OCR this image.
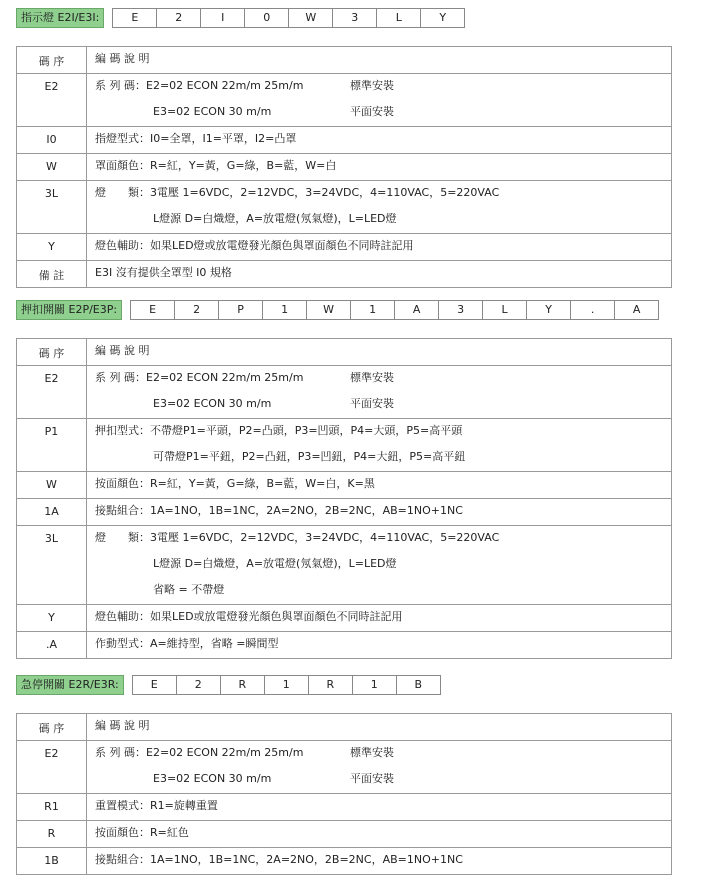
指示燈 E2I/E3I:	E	2	I	0	W	3	L	Y
碼 序	編 碼 說 明

E2	系 列 碼：E2=02 ECON 22m/m 25m/m 標準安裝
E3=02 ECON 30 m/m 平面安裝

I0	指燈型式：I0=全罩，I1=平罩，I2=凸罩

W	罩面顏色：R=紅，Y=黃，G=綠，B=藍，W=白

3L	燈　　類：3電壓 1=6VDC，2=12VDC，3=24VDC，4=110VAC，5=220VAC
L燈源 D=白熾燈，A=放電燈(氖氣燈)，L=LED燈

Y	燈色輔助：如果LED燈或放電燈發光顏色與罩面顏色不同時註記用

備 註	E3I 沒有提供全罩型 I0 規格
押扣開關 E2P/E3P:	E	2	P	1	W	1	A	3	L	Y	.	A
碼 序	編 碼 說 明

E2	系 列 碼：E2=02 ECON 22m/m 25m/m 標準安裝
E3=02 ECON 30 m/m 平面安裝

P1	押扣型式：不帶燈P1=平頭，P2=凸頭，P3=凹頭，P4=大頭，P5=高平頭
可帶燈P1=平鈕，P2=凸鈕，P3=凹鈕，P4=大鈕，P5=高平鈕

W	按面顏色：R=紅，Y=黃，G=綠，B=藍，W=白，K=黑

1A	接點組合：1A=1NO，1B=1NC，2A=2NO，2B=2NC，AB=1NO+1NC

3L	燈　　類：3電壓 1=6VDC，2=12VDC，3=24VDC，4=110VAC，5=220VAC
L燈源 D=白熾燈，A=放電燈(氖氣燈)，L=LED燈
省略 = 不帶燈

Y	燈色輔助：如果LED或放電燈發光顏色與罩面顏色不同時註記用

.A	作動型式：A=維持型，省略 =瞬間型
急停開關 E2R/E3R:	E	2	R	1	R	1	B
碼 序	編 碼 說 明

E2	系 列 碼：E2=02 ECON 22m/m 25m/m 標準安裝
E3=02 ECON 30 m/m 平面安裝

R1	重置模式：R1=旋轉重置

R	按面顏色：R=紅色

1B	接點組合：1A=1NO，1B=1NC，2A=2NO，2B=2NC，AB=1NO+1NC
